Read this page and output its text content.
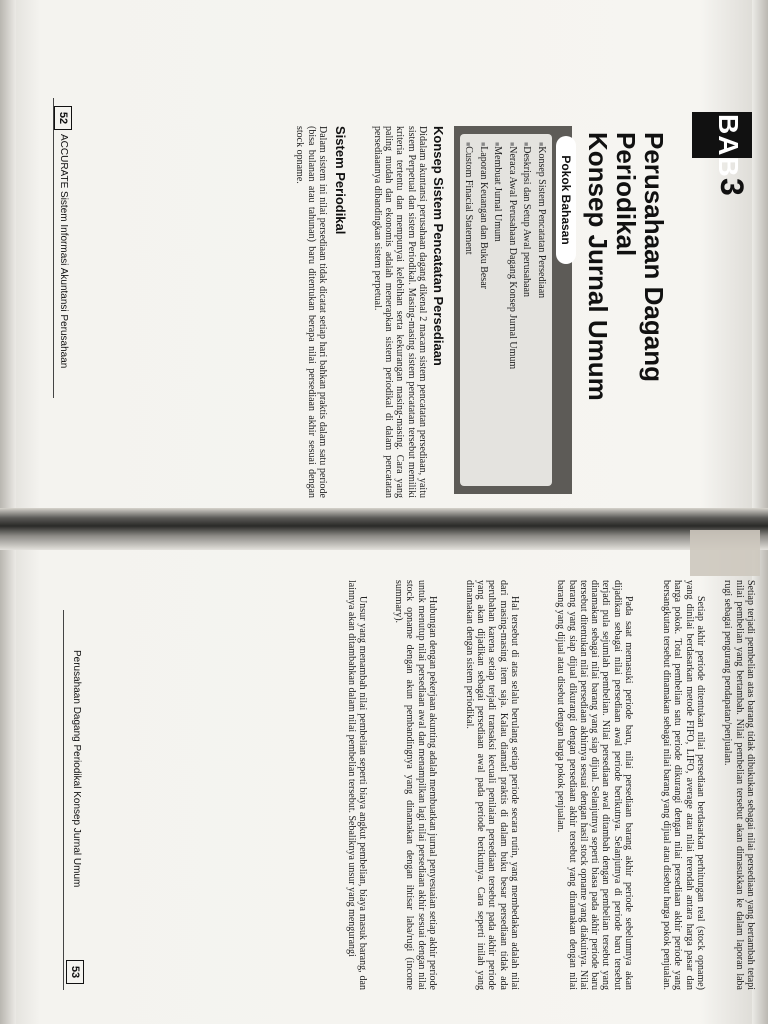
BAB
3
Perusahaan Dagang
Periodikal
Konsep Jurnal Umum
Pokok Bahasan
■ Konsep Sistem Pencatatan Persediaan
■ Deskripsi dan Setup Awal perusahaan
■ Neraca Awal Perusahaan Dagang Konsep Jurnal Umum
■ Membuat Jurnal Umum
■ Laporan Keuangan dan Buku Besar
■ Custom Finacial Statement
Konsep Sistem Pencatatan Persediaan
Didalam akuntansi perusahaan dagang dikenal 2 macam sistem pencatatan persediaan, yaitu sistem Perpetual dan sistem Periodikal. Masing-masing sistem pencatatan tersebut memiliki kriteria tertentu dan mempunyai kelebihan serta kekurangan masing-masing. Cara yang paling mudah dan ekonomis adalah menerapkan sistem periodikal di dalam pencatatan persediaannya dibandingkan sistem perpetual.
Sistem Periodikal
Dalam sistem ini nilai persediaan tidak dicatat setiap hari bahkan praktis dalam satu periode (bisa bulanan atau tahunan) baru ditentukan berapa nilai persediaan akhir sesuai dengan stock opname.
52
ACCURATE Sistem Informasi Akuntansi Perusahaan
Setiap terjadi pembelian atas barang tidak dibukukan sebagai nilai persediaan yang bertambah tetapi nilai pembelian yang bertambah. Nilai pembelian tersebut akan dimasukkan ke dalam laporan laba rugi sebagai pengurang pendapatan/penjualan.
Setiap akhir periode ditentukan nilai persediaan berdasarkan perhitungan real (stock opname) yang dinilai berdasarkan metode FIFO, LIFO, average atau nilai terendah antara harga pasar dan harga pokok. Total pembelian satu periode dikurangi dengan nilai persediaan akhir periode yang bersangkutan tersebut dinamakan sebagai nilai barang yang dijual atau disebut harga pokok penjualan.
Pada saat memasuki periode baru, nilai persediaan barang akhir periode sebelumnya akan dijadikan sebagai nilai persediaan awal periode berikutnya. Selanjutnya di periode baru tersebut terjadi pula sejumlah pembelian. Nilai persediaan awal ditambah dengan pembelian tersebut yang dinamakan sebagai nilai barang yang siap dijual. Selanjutnya seperti biasa pada akhir periode baru tersebut ditentukan nilai persediaan akhirnya sesuai dengan hasil stock opname yang diakuinya. Nilai barang yang siap dijual dikurangi dengan persediaan akhir tersebut yang dinamakan dengan nilai barang yang dijual atau disebut dengan harga pokok penjualan.
Hal tersebut di atas selalu berulang setiap periode secara rutin, yang membedakan adalah nilai dari masing-masing item saja. Kalau diamati praktis di dalam buku besar persediaan tidak ada perubahan karena setiap terjadi transaksi kecuali penilaian persediaan tersebut pada akhir periode yang akan dijadikan sebagai persediaan awal pada periode berikutnya. Cara seperti inilah yang dinamakan dengan sistem periodikal.
Hubungan dengan pekerjaan akunting adalah membuatkan jurnal penyesuaian setiap akhir periode untuk menutup nilai persediaan awal dan menampilkan lagi nilai persediaan akhir sesuai dengan nilai stock opname dengan akun pembandingnya yang dinamakan dengan ihtisar laba/rugi (income summary).
Unsur yang menambah nilai pembelian seperti biaya angkut pembelian, biaya masuk barang, dan lainnya akan ditambahkan dalam nilai pembelian tersebut. Sebaliknya unsur yang mengurangi
Perusahaan Dagang Periodikal Konsep Jurnal Umum
53
